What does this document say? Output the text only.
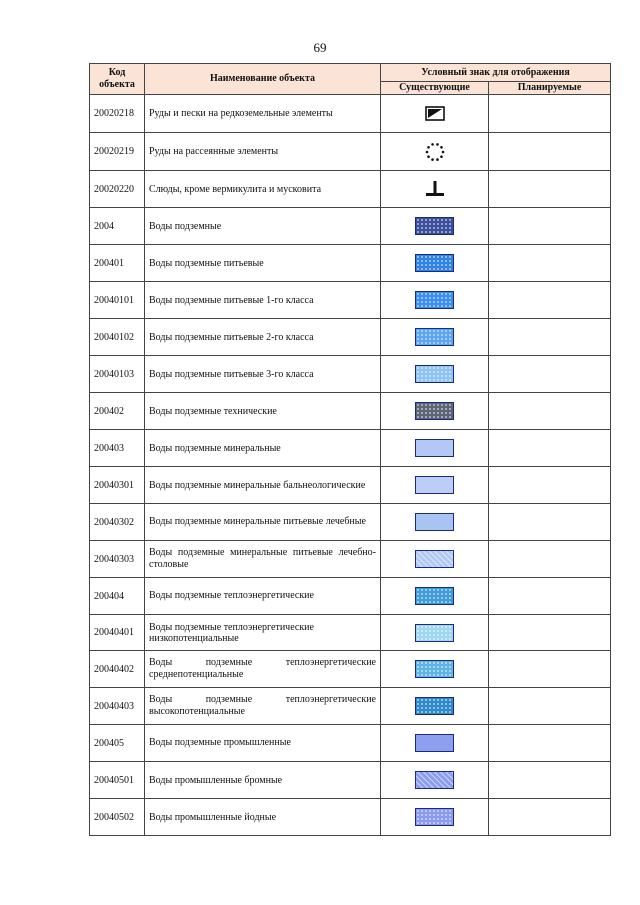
69
Код объекта	Наименование объекта	Условный знак для отображения	
		Существующие	Планируемые
20020218	Руды и пески на редкоземельные элементы		
20020219	Руды на рассеянные элементы		
20020220	Слюды, кроме вермикулита и мусковита		
2004	Воды подземные		
200401	Воды подземные питьевые		
20040101	Воды подземные питьевые 1-го класса		
20040102	Воды подземные питьевые 2-го класса		
20040103	Воды подземные питьевые 3-го класса		
200402	Воды подземные технические		
200403	Воды подземные минеральные		
20040301	Воды подземные минеральные бальнеологические		
20040302	Воды подземные минеральные питьевые лечебные		
20040303	Воды подземные минеральные питьевые лечебно-столовые		
200404	Воды подземные теплоэнергетические		
20040401	Воды подземные теплоэнергетические низкопотенциальные		
20040402	Воды подземные теплоэнергетические среднепотенциальные		
20040403	Воды подземные теплоэнергетические высокопотенциальные		
200405	Воды подземные промышленные		
20040501	Воды промышленные бромные		
20040502	Воды промышленные йодные		
